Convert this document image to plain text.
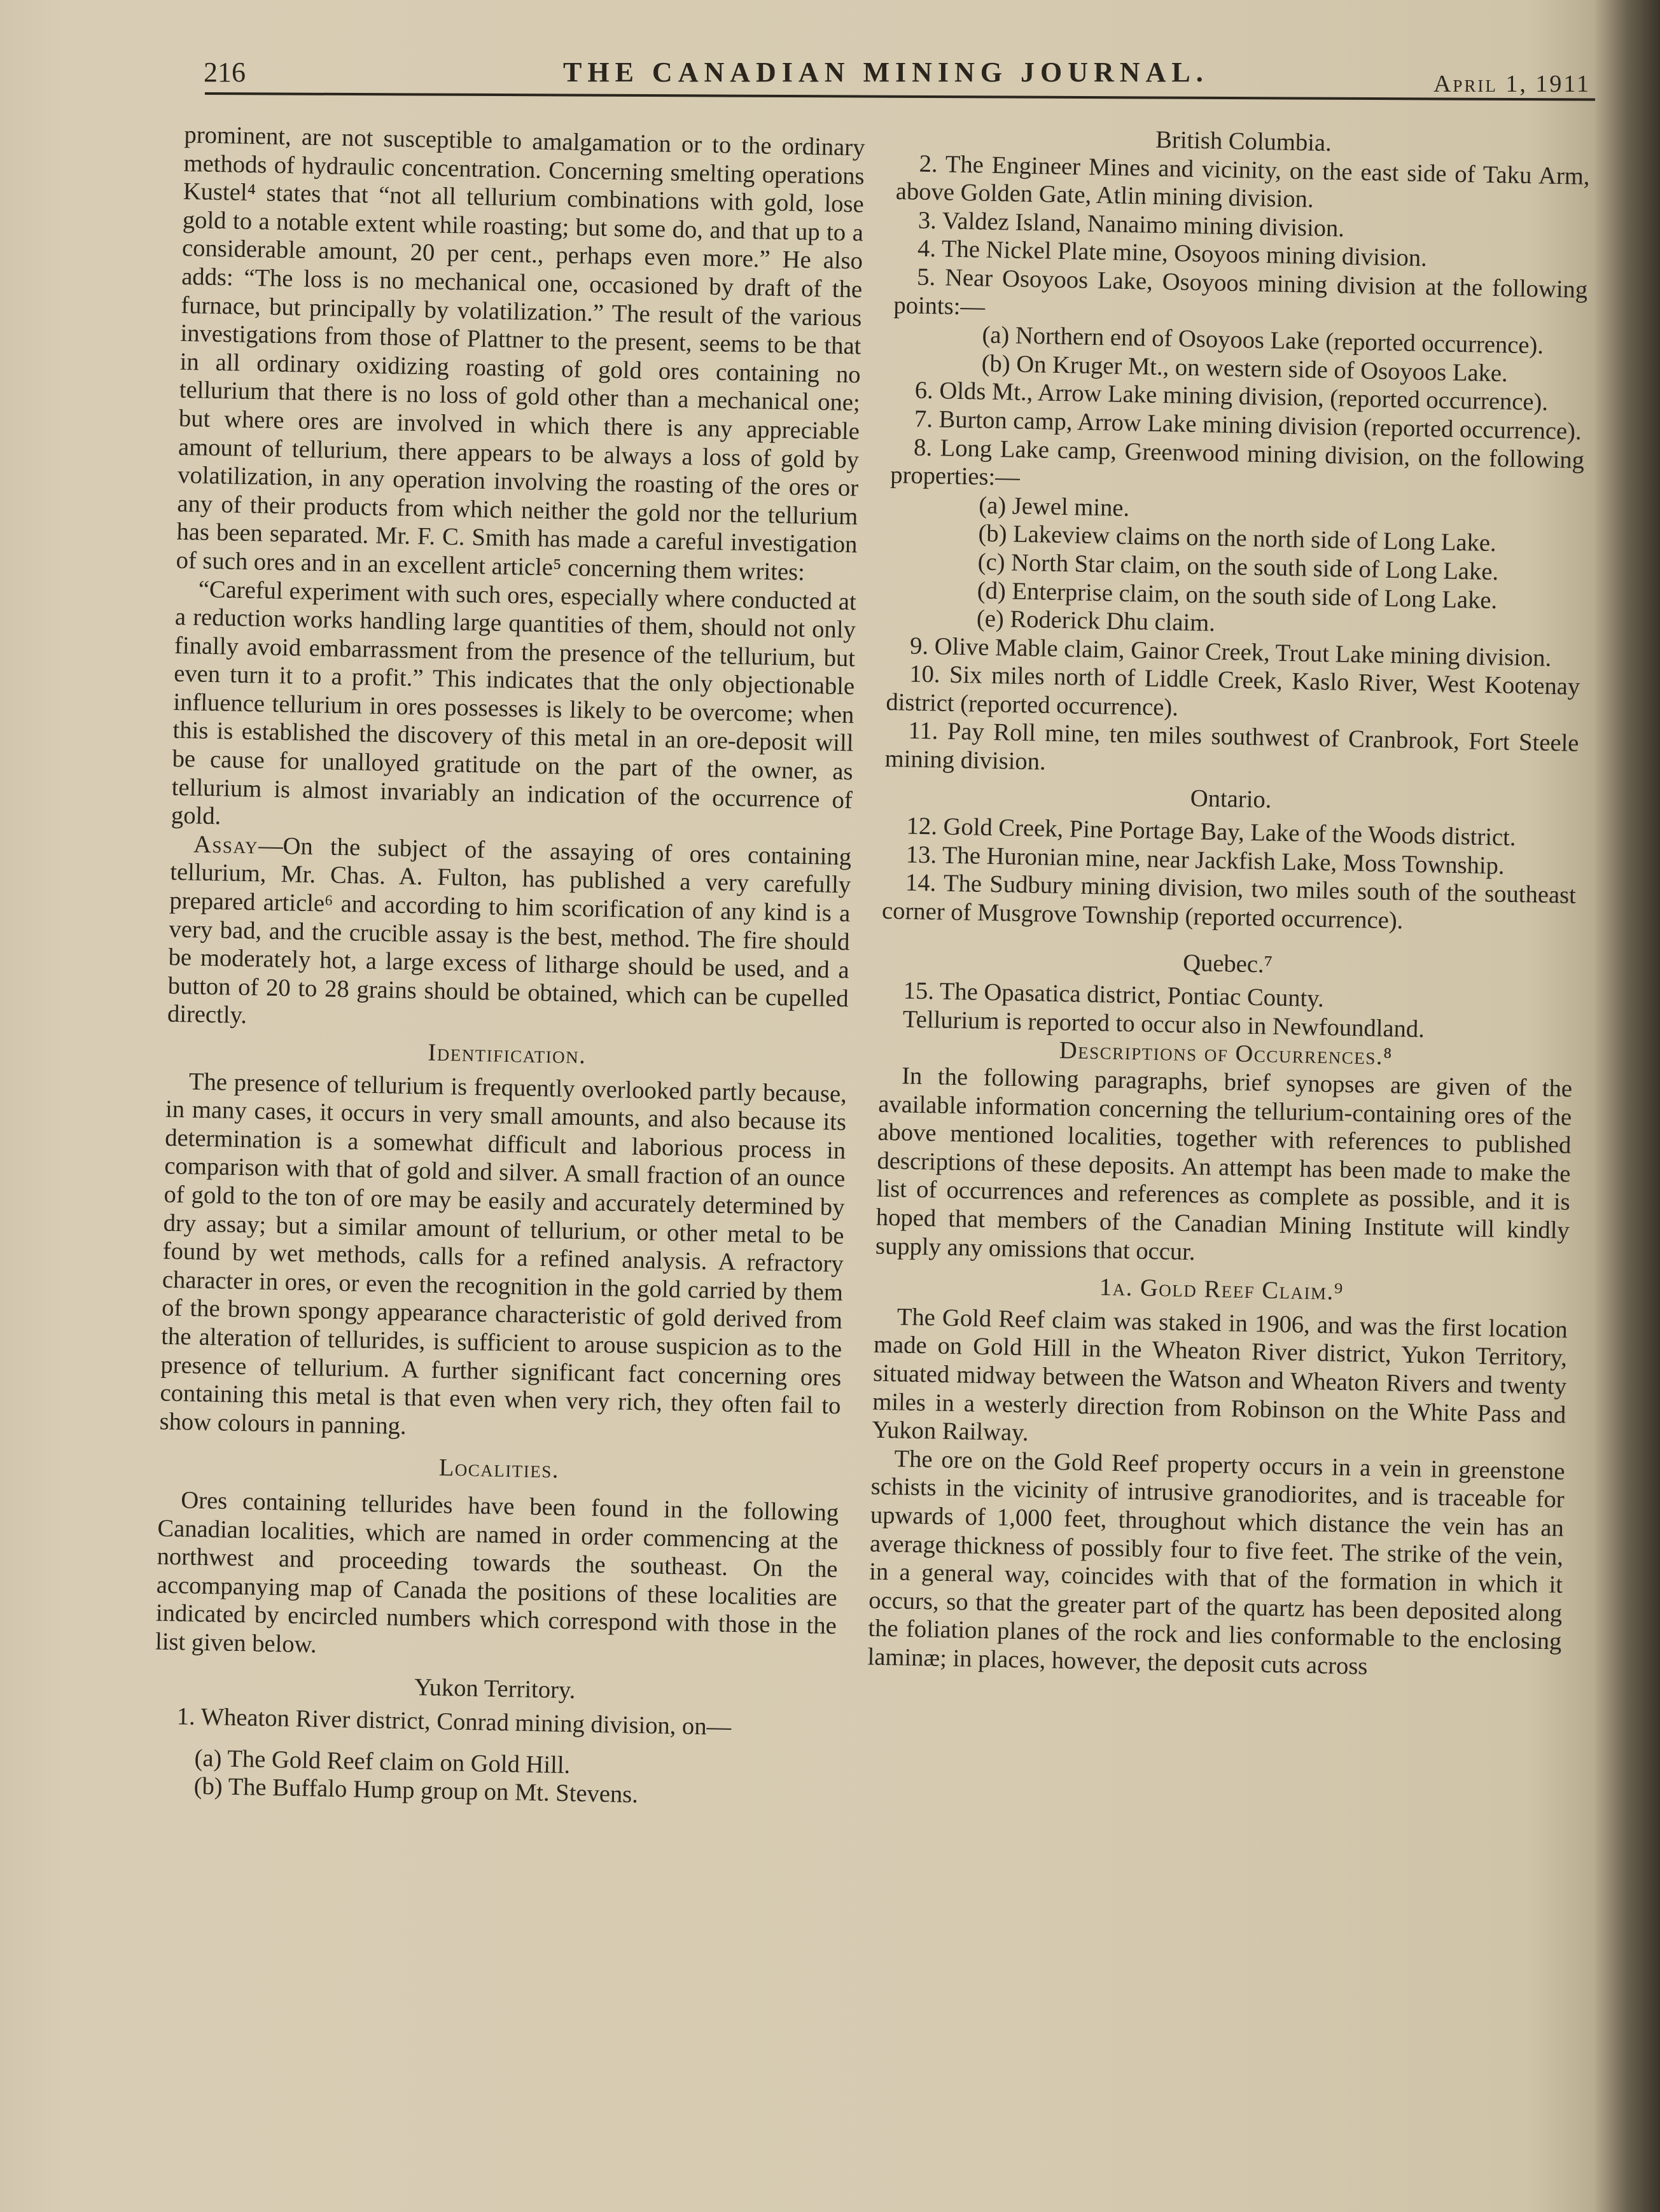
216	THE CANADIAN MINING JOURNAL.	April 1, 1911

prominent, are not susceptible to amalgamation or to the ordinary methods of hydraulic concentration. Concerning smelting operations Kustel⁴ states that “not all tellurium combinations with gold, lose gold to a notable extent while roasting; but some do, and that up to a considerable amount, 20 per cent., perhaps even more.” He also adds: “The loss is no mechanical one, occasioned by draft of the furnace, but principally by volatilization.” The result of the various investigations from those of Plattner to the present, seems to be that in all ordinary oxidizing roasting of gold ores containing no tellurium that there is no loss of gold other than a mechanical one; but where ores are involved in which there is any appreciable amount of tellurium, there appears to be always a loss of gold by volatilization, in any operation involving the roasting of the ores or any of their products from which neither the gold nor the tellurium has been separated. Mr. F. C. Smith has made a careful investigation of such ores and in an excellent article⁵ concerning them writes:

“Careful experiment with such ores, especially where conducted at a reduction works handling large quantities of them, should not only finally avoid embarrassment from the presence of the tellurium, but even turn it to a profit.” This indicates that the only objectionable influence tellurium in ores possesses is likely to be overcome; when this is established the discovery of this metal in an ore-deposit will be cause for unalloyed gratitude on the part of the owner, as tellurium is almost invariably an indication of the occurrence of gold.

Assay—On the subject of the assaying of ores containing tellurium, Mr. Chas. A. Fulton, has published a very carefully prepared article⁶ and according to him scorification of any kind is a very bad, and the crucible assay is the best, method. The fire should be moderately hot, a large excess of litharge should be used, and a button of 20 to 28 grains should be obtained, which can be cupelled directly.

Identification.

The presence of tellurium is frequently overlooked partly because, in many cases, it occurs in very small amounts, and also because its determination is a somewhat difficult and laborious process in comparison with that of gold and silver. A small fraction of an ounce of gold to the ton of ore may be easily and accurately determined by dry assay; but a similar amount of tellurium, or other metal to be found by wet methods, calls for a refined analysis. A refractory character in ores, or even the recognition in the gold carried by them of the brown spongy appearance characteristic of gold derived from the alteration of tellurides, is sufficient to arouse suspicion as to the presence of tellurium. A further significant fact concerning ores containing this metal is that even when very rich, they often fail to show colours in panning.

Localities.

Ores containing tellurides have been found in the following Canadian localities, which are named in order commencing at the northwest and proceeding towards the southeast. On the accompanying map of Canada the positions of these localities are indicated by encircled numbers which correspond with those in the list given below.

Yukon Territory.

1. Wheaton River district, Conrad mining division, on—

(a) The Gold Reef claim on Gold Hill.

(b) The Buffalo Hump group on Mt. Stevens.

British Columbia.

2. The Engineer Mines and vicinity, on the east side of Taku Arm, above Golden Gate, Atlin mining division.

3. Valdez Island, Nanaimo mining division.

4. The Nickel Plate mine, Osoyoos mining division.

5. Near Osoyoos Lake, Osoyoos mining division at the following points:—

(a) Northern end of Osoyoos Lake (reported occurrence).

(b) On Kruger Mt., on western side of Osoyoos Lake.

6. Olds Mt., Arrow Lake mining division, (reported occurrence).

7. Burton camp, Arrow Lake mining division (reported occurrence).

8. Long Lake camp, Greenwood mining division, on the following properties:—

(a) Jewel mine.

(b) Lakeview claims on the north side of Long Lake.

(c) North Star claim, on the south side of Long Lake.

(d) Enterprise claim, on the south side of Long Lake.

(e) Roderick Dhu claim.

9. Olive Mable claim, Gainor Creek, Trout Lake mining division.

10. Six miles north of Liddle Creek, Kaslo River, West Kootenay district (reported occurrence).

11. Pay Roll mine, ten miles southwest of Cranbrook, Fort Steele mining division.

Ontario.

12. Gold Creek, Pine Portage Bay, Lake of the Woods district.

13. The Huronian mine, near Jackfish Lake, Moss Township.

14. The Sudbury mining division, two miles south of the southeast corner of Musgrove Township (reported occurrence).

Quebec.⁷

15. The Opasatica district, Pontiac County.

Tellurium is reported to occur also in Newfoundland.

Descriptions of Occurrences.⁸

In the following paragraphs, brief synopses are given of the available information concerning the tellurium-containing ores of the above mentioned localities, together with references to published descriptions of these deposits. An attempt has been made to make the list of occurrences and references as complete as possible, and it is hoped that members of the Canadian Mining Institute will kindly supply any omissions that occur.

1a. Gold Reef Claim.⁹

The Gold Reef claim was staked in 1906, and was the first location made on Gold Hill in the Wheaton River district, Yukon Territory, situated midway between the Watson and Wheaton Rivers and twenty miles in a westerly direction from Robinson on the White Pass and Yukon Railway.

The ore on the Gold Reef property occurs in a vein in greenstone schists in the vicinity of intrusive granodiorites, and is traceable for upwards of 1,000 feet, throughout which distance the vein has an average thickness of possibly four to five feet. The strike of the vein, in a general way, coincides with that of the formation in which it occurs, so that the greater part of the quartz has been deposited along the foliation planes of the rock and lies conformable to the enclosing laminæ; in places, however, the deposit cuts across
